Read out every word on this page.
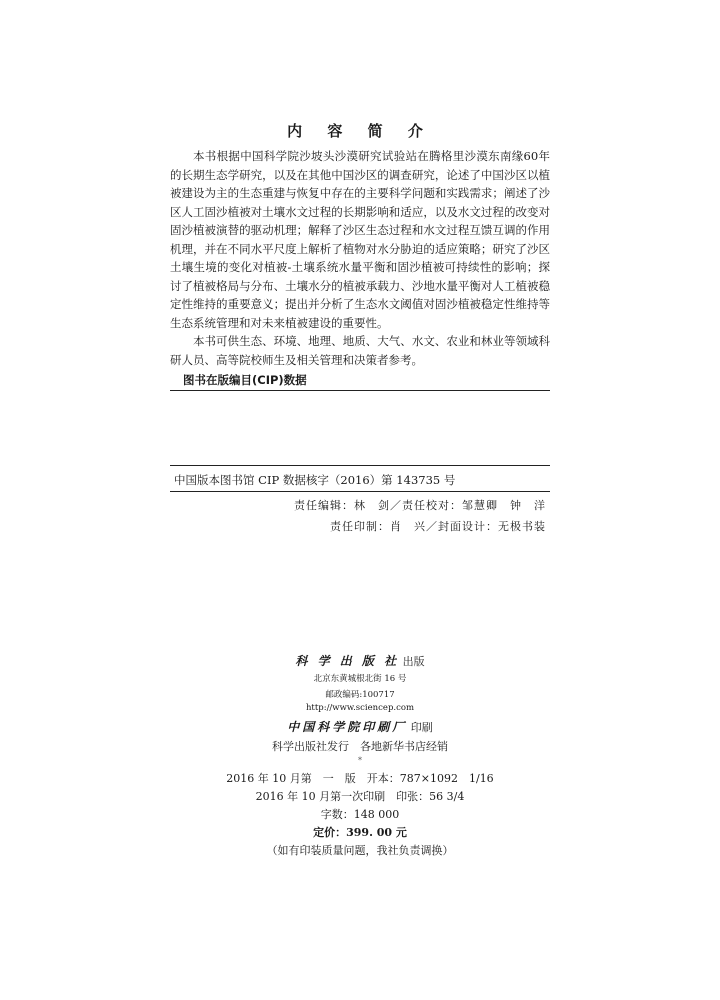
内 容 简 介

本书根据中国科学院沙坡头沙漠研究试验站在腾格里沙漠东南缘60年的长期生态学研究，以及在其他中国沙区的调查研究，论述了中国沙区以植被建设为主的生态重建与恢复中存在的主要科学问题和实践需求；阐述了沙区人工固沙植被对土壤水文过程的长期影响和适应，以及水文过程的改变对固沙植被演替的驱动机理；解释了沙区生态过程和水文过程互馈互调的作用机理，并在不同水平尺度上解析了植物对水分胁迫的适应策略；研究了沙区土壤生境的变化对植被-土壤系统水量平衡和固沙植被可持续性的影响；探讨了植被格局与分布、土壤水分的植被承载力、沙地水量平衡对人工植被稳定性维持的重要意义；提出并分析了生态水文阈值对固沙植被稳定性维持等生态系统管理和对未来植被建设的重要性。

本书可供生态、环境、地理、地质、大气、水文、农业和林业等领域科研人员、高等院校师生及相关管理和决策者参考。

图书在版编目(CIP)数据
中国版本图书馆 CIP 数据核字（2016）第 143735 号
责任编辑：林　剑／责任校对：邹慧卿　钟　洋
责任印制：肖　兴／封面设计：无极书装
科 学 出 版 社 出版
北京东黄城根北街 16 号
邮政编码:100717
http://www.sciencep.com
中国科学院印刷厂 印刷
科学出版社发行　各地新华书店经销
*
2016 年 10 月第　一　版　开本：787×1092　1/16
2016 年 10 月第一次印刷　印张：56 3/4
字数：148 000
定价：399. 00 元
（如有印装质量问题，我社负责调换）
